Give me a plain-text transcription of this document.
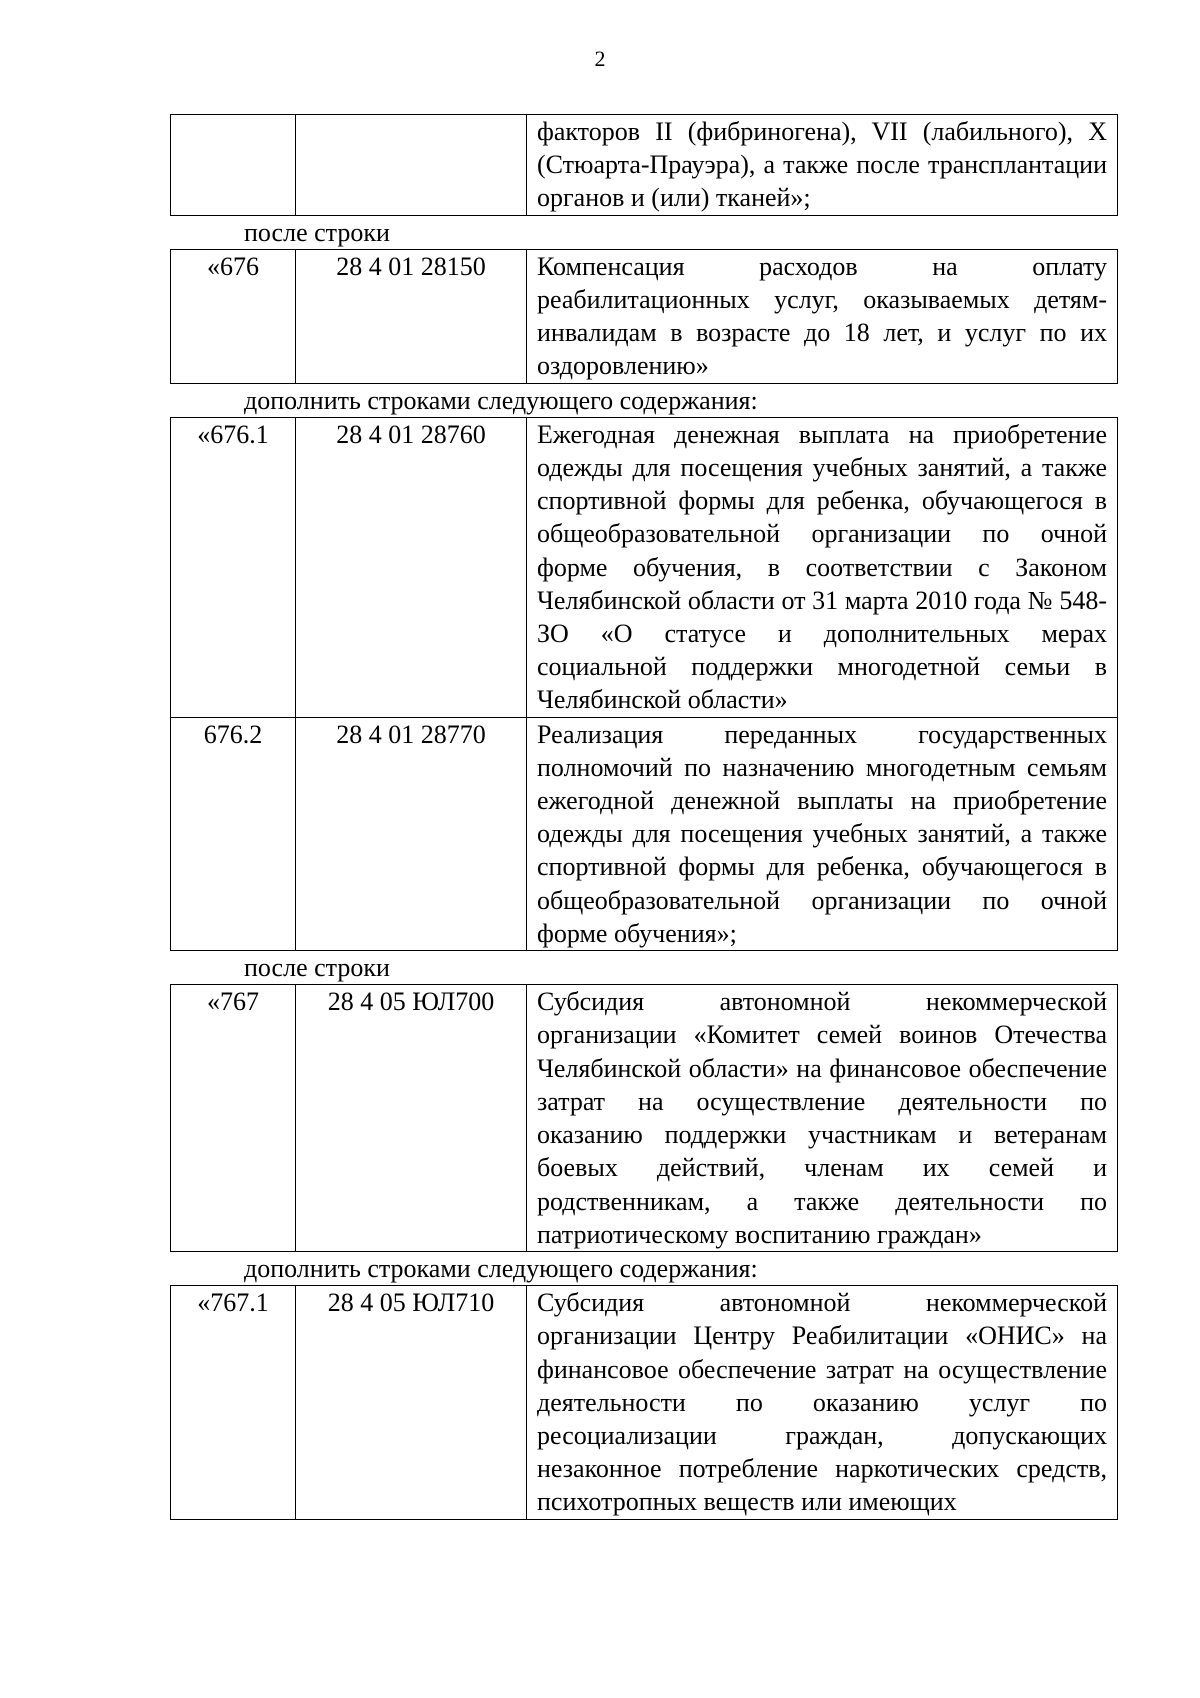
2
		факторов II (фибриногена), VII (лабильного), X (Стюарта-Прауэра), а также после трансплантации органов и (или) тканей»;
после строки
«676	28 4 01 28150	Компенсация расходов на оплату реабилитационных услуг, оказываемых детям-инвалидам в возрасте до 18 лет, и услуг по их оздоровлению»
дополнить строками следующего содержания:
«676.1	28 4 01 28760	Ежегодная денежная выплата на приобретение одежды для посещения учебных занятий, а также спортивной формы для ребенка, обучающегося в общеобразовательной организации по очной форме обучения, в соответствии с Законом Челябинской области от 31 марта 2010 года № 548-ЗО «О статусе и дополнительных мерах социальной поддержки многодетной семьи в Челябинской области»
676.2	28 4 01 28770	Реализация переданных государственных полномочий по назначению многодетным семьям ежегодной денежной выплаты на приобретение одежды для посещения учебных занятий, а также спортивной формы для ребенка, обучающегося в общеобразовательной организации по очной форме обучения»;
после строки
«767	28 4 05 ЮЛ700	Субсидия автономной некоммерческой организации «Комитет семей воинов Отечества Челябинской области» на финансовое обеспечение затрат на осуществление деятельности по оказанию поддержки участникам и ветеранам боевых действий, членам их семей и родственникам, а также деятельности по патриотическому воспитанию граждан»
дополнить строками следующего содержания:
«767.1	28 4 05 ЮЛ710	Субсидия автономной некоммерческой организации Центру Реабилитации «ОНИС» на финансовое обеспечение затрат на осуществление деятельности по оказанию услуг по ресоциализации граждан, допускающих незаконное потребление наркотических средств, психотропных веществ или имеющих
